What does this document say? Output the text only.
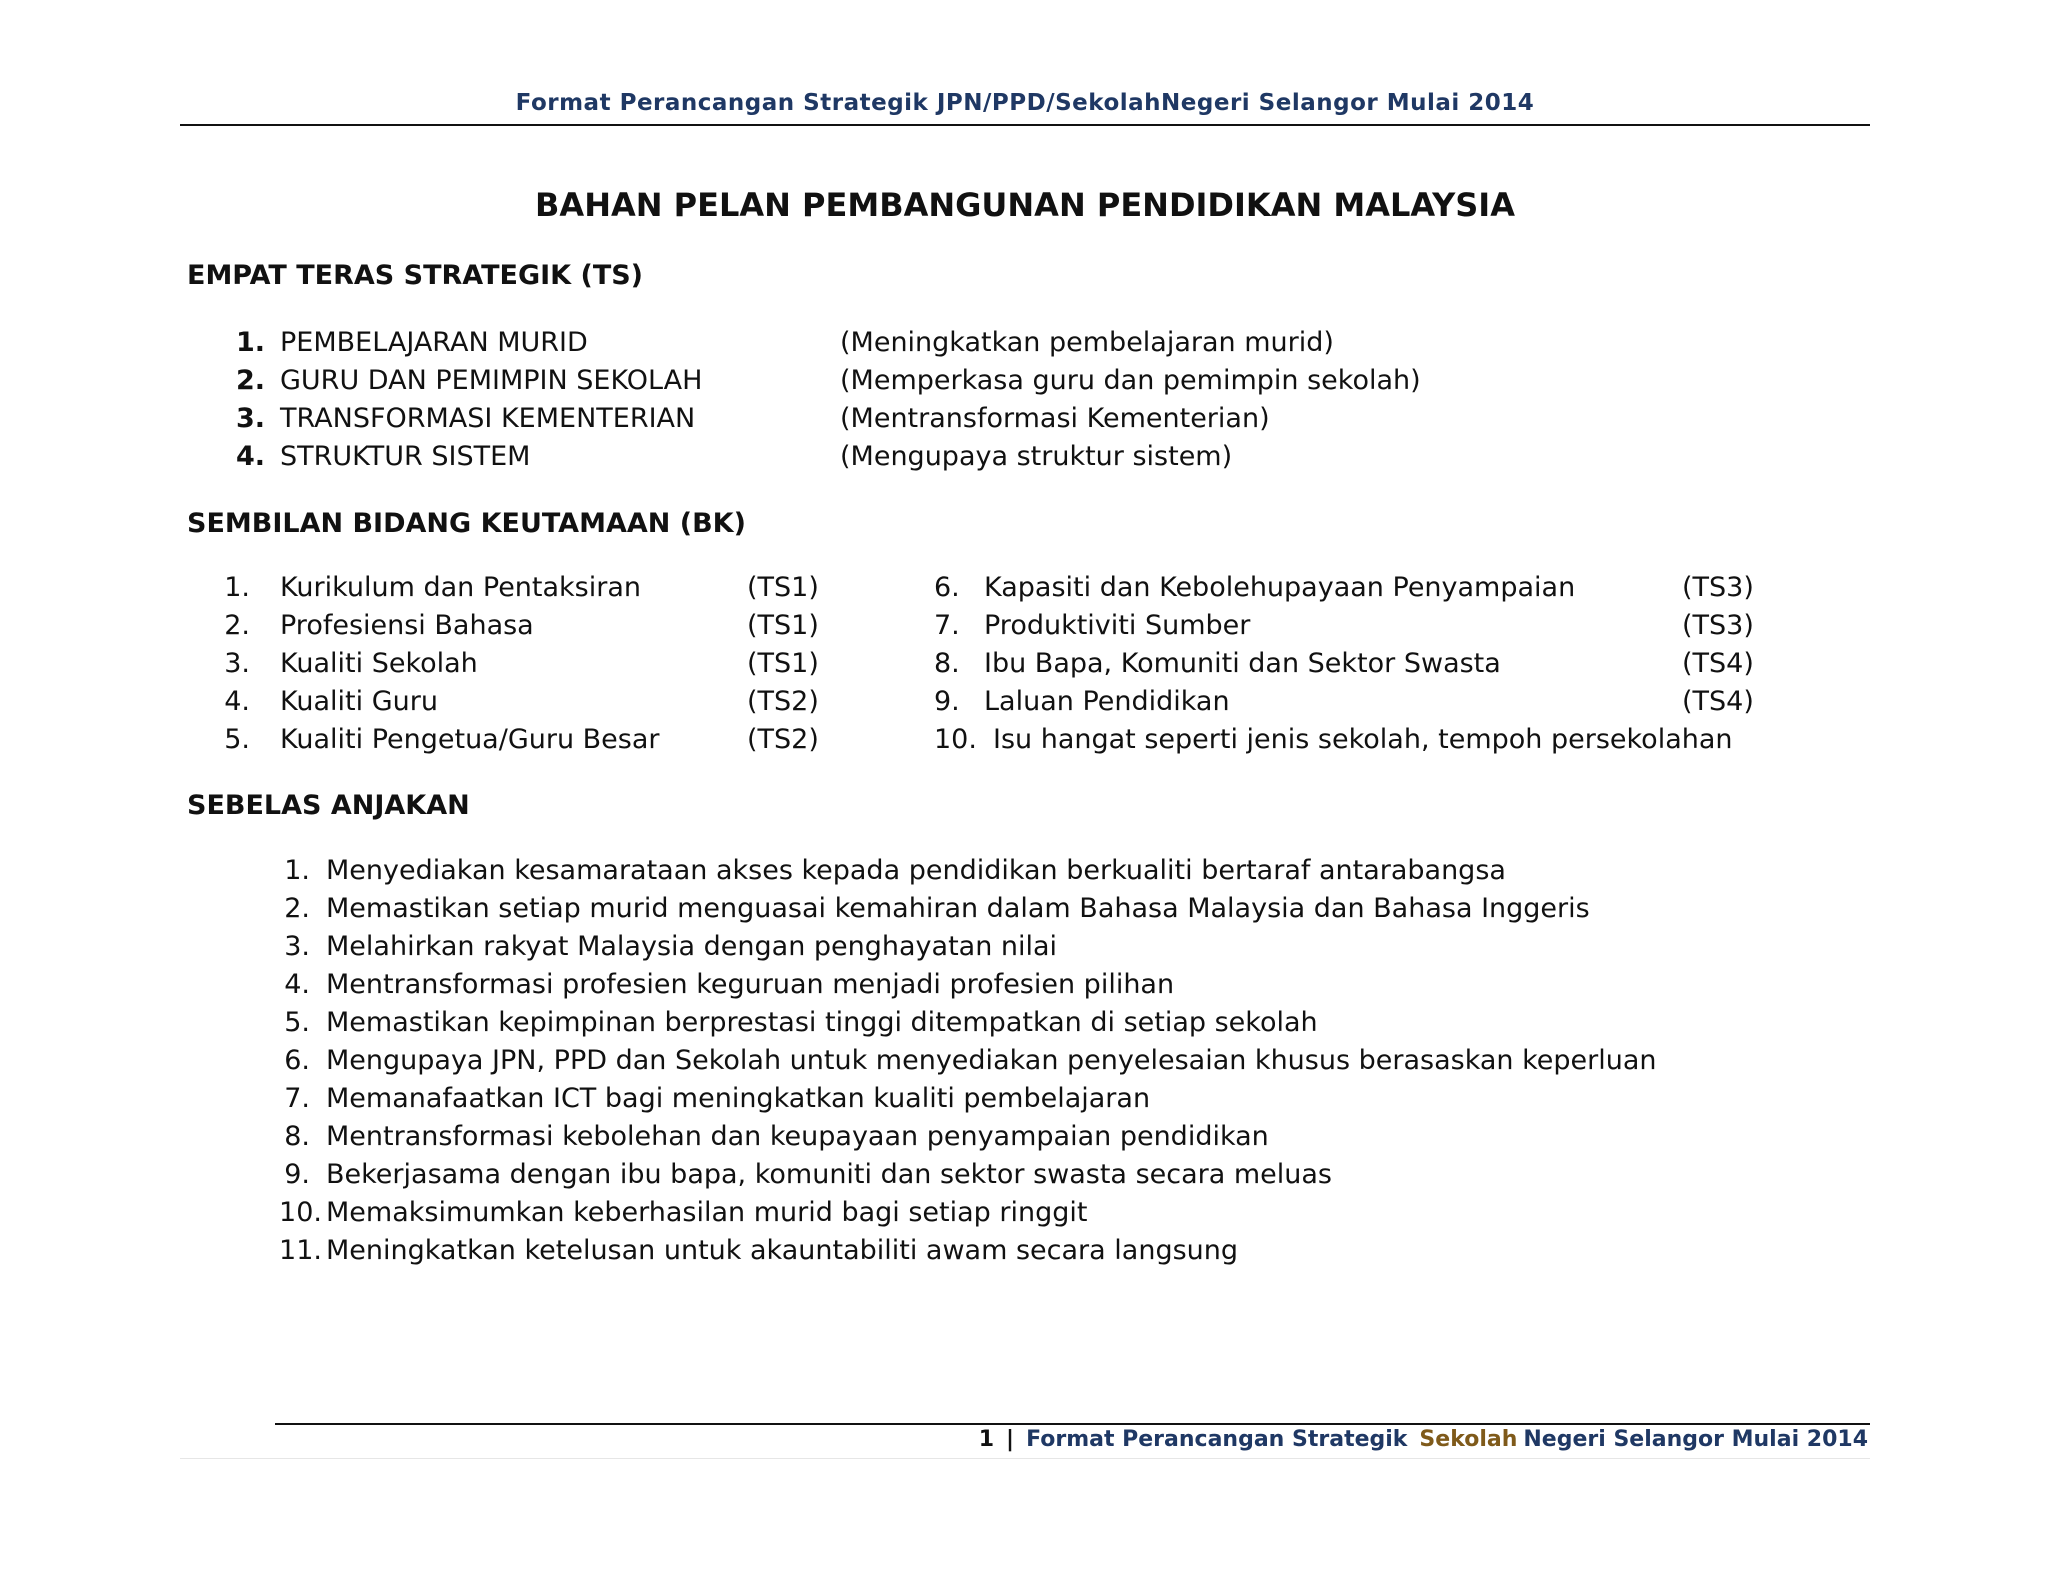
Format Perancangan Strategik JPN/PPD/SekolahNegeri Selangor Mulai 2014
BAHAN PELAN PEMBANGUNAN PENDIDIKAN MALAYSIA
EMPAT TERAS STRATEGIK (TS)
1. PEMBELAJARAN MURID	(Meningkatkan pembelajaran murid)
2. GURU DAN PEMIMPIN SEKOLAH	(Memperkasa guru dan pemimpin sekolah)
3. TRANSFORMASI KEMENTERIAN	(Mentransformasi Kementerian)
4. STRUKTUR SISTEM	(Mengupaya struktur sistem)
SEMBILAN BIDANG KEUTAMAAN (BK)
1. Kurikulum dan Pentaksiran	(TS1)	6. Kapasiti dan Kebolehupayaan Penyampaian	(TS3)
2. Profesiensi Bahasa	(TS1)	7. Produktiviti Sumber	(TS3)
3. Kualiti Sekolah	(TS1)	8. Ibu Bapa, Komuniti dan Sektor Swasta	(TS4)
4. Kualiti Guru	(TS2)	9. Laluan Pendidikan	(TS4)
5. Kualiti Pengetua/Guru Besar	(TS2)	10. Isu hangat seperti jenis sekolah, tempoh persekolahan
SEBELAS ANJAKAN
1. Menyediakan kesamarataan akses kepada pendidikan berkualiti bertaraf antarabangsa
2. Memastikan setiap murid menguasai kemahiran dalam Bahasa Malaysia dan Bahasa Inggeris
3. Melahirkan rakyat Malaysia dengan penghayatan nilai
4. Mentransformasi profesien keguruan menjadi profesien pilihan
5. Memastikan kepimpinan berprestasi tinggi ditempatkan di setiap sekolah
6. Mengupaya JPN, PPD dan Sekolah untuk menyediakan penyelesaian khusus berasaskan keperluan
7. Memanafaatkan ICT bagi meningkatkan kualiti pembelajaran
8. Mentransformasi kebolehan dan keupayaan penyampaian pendidikan
9. Bekerjasama dengan ibu bapa, komuniti dan sektor swasta secara meluas
10. Memaksimumkan keberhasilan murid bagi setiap ringgit
11. Meningkatkan ketelusan untuk akauntabiliti awam secara langsung
1 | Format Perancangan Strategik Sekolah Negeri Selangor Mulai 2014
